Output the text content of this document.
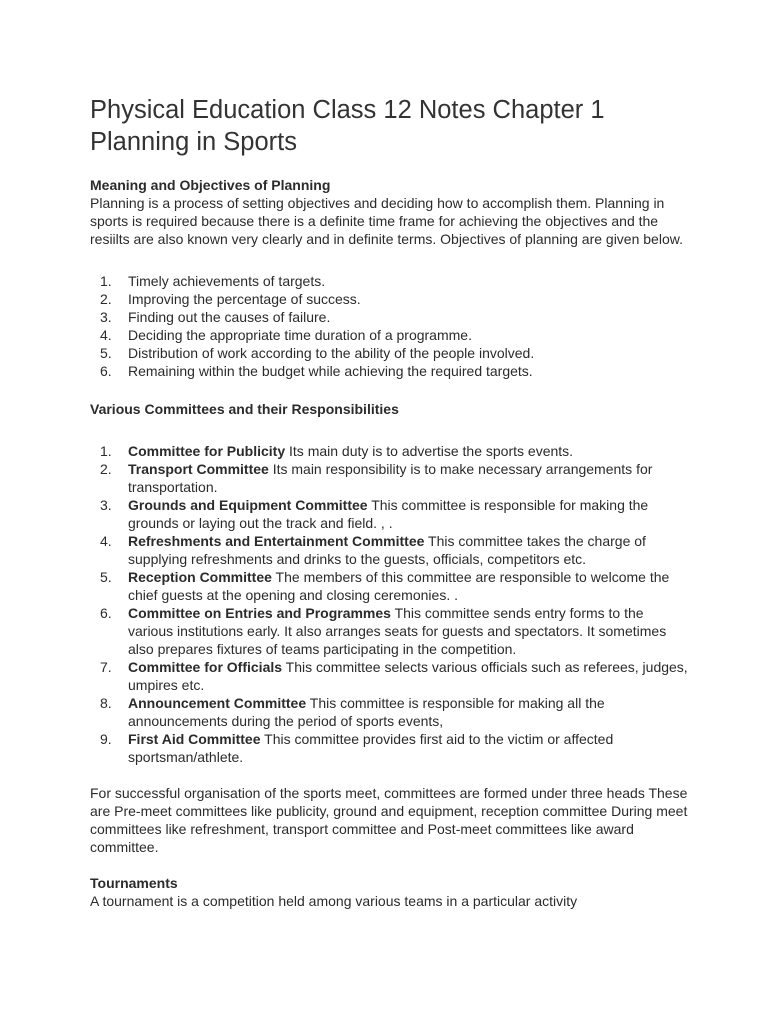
Physical Education Class 12 Notes Chapter 1 Planning in Sports
Meaning and Objectives of Planning

Planning is a process of setting objectives and deciding how to accomplish them. Planning in sports is required because there is a definite time frame for achieving the objectives and the resiilts are also known very clearly and in definite terms. Objectives of planning are given below.

1. Timely achievements of targets.
2. Improving the percentage of success.
3. Finding out the causes of failure.
4. Deciding the appropriate time duration of a programme.
5. Distribution of work according to the ability of the people involved.
6. Remaining within the budget while achieving the required targets.
Various Committees and their Responsibilities
1. Committee for Publicity Its main duty is to advertise the sports events.
2. Transport Committee Its main responsibility is to make necessary arrangements for transportation.
3. Grounds and Equipment Committee This committee is responsible for making the grounds or laying out the track and field. , .
4. Refreshments and Entertainment Committee This committee takes the charge of supplying refreshments and drinks to the guests, officials, competitors etc.
5. Reception Committee The members of this committee are responsible to welcome the chief guests at the opening and closing ceremonies. .
6. Committee on Entries and Programmes This committee sends entry forms to the various institutions early. It also arranges seats for guests and spectators. It sometimes also prepares fixtures of teams participating in the competition.
7. Committee for Officials This committee selects various officials such as referees, judges, umpires etc.
8. Announcement Committee This committee is responsible for making all the announcements during the period of sports events,
9. First Aid Committee This committee provides first aid to the victim or affected sportsman/athlete.

For successful organisation of the sports meet, committees are formed under three heads These are Pre-meet committees like publicity, ground and equipment, reception committee During meet committees like refreshment, transport committee and Post-meet committees like award committee.

Tournaments

A tournament is a competition held among various teams in a particular activity
